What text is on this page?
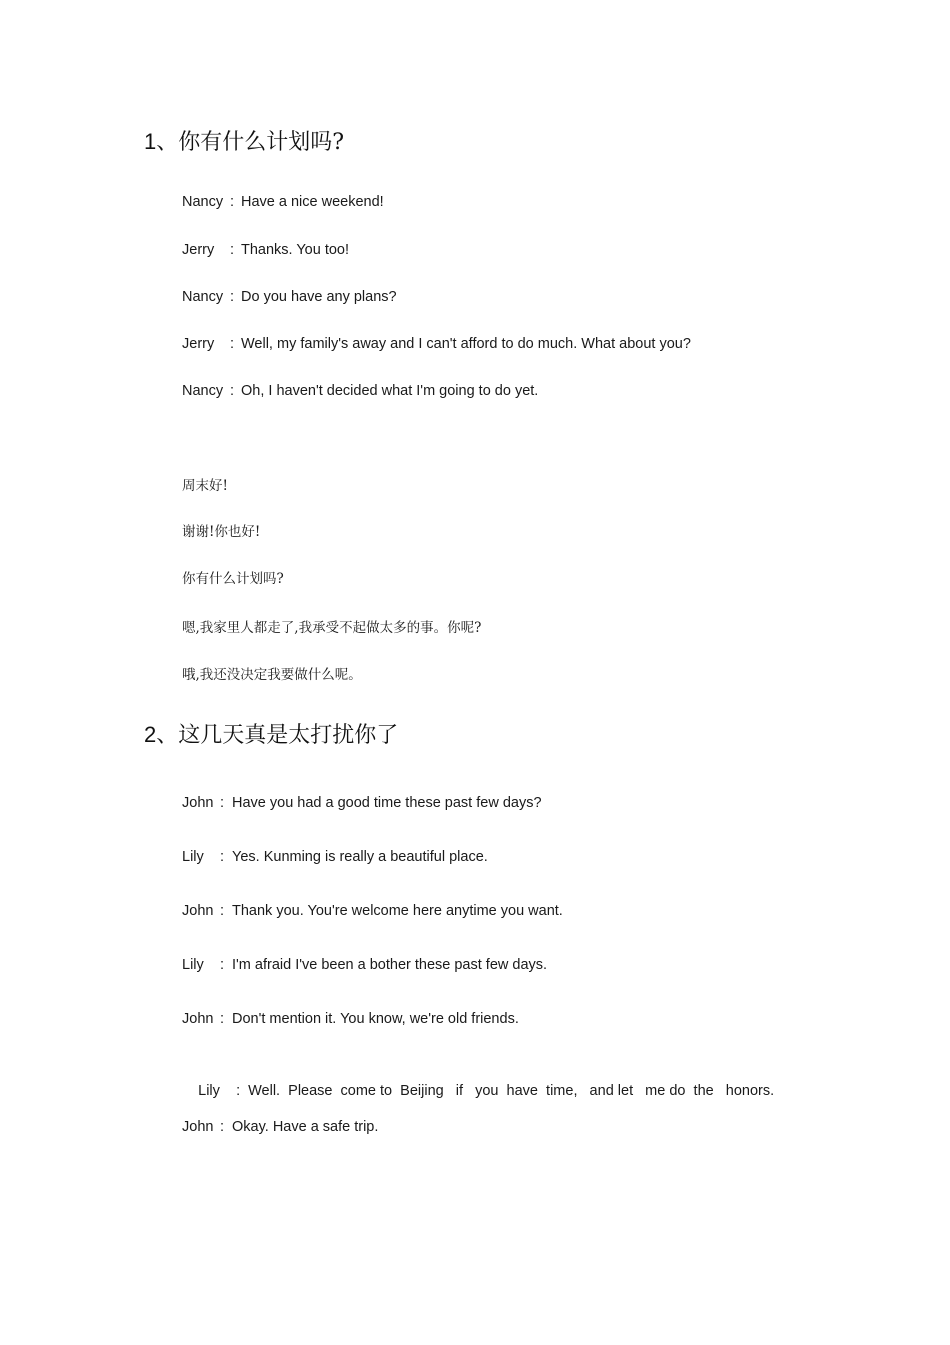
1、你有什么计划吗?
Nancy : Have a nice weekend!
Jerry : Thanks. You too!
Nancy : Do you have any plans?
Jerry : Well, my family's away and I can't afford to do much. What about you?
Nancy : Oh, I haven't decided what I'm going to do yet.
周末好!
谢谢!你也好!
你有什么计划吗?
嗯,我家里人都走了,我承受不起做太多的事。你呢?
哦,我还没决定我要做什么呢。
2、这几天真是太打扰你了
John : Have you had a good time these past few days?
Lily : Yes. Kunming is really a beautiful place.
John : Thank you. You're welcome here anytime you want.
Lily : I'm afraid I've been a bother these past few days.
John : Don't mention it. You know, we're old friends.

Lily : Well.  Please  come to  Beijing   if   you  have  time,   and let   me do  the   honors.

John : Okay. Have a safe trip.
